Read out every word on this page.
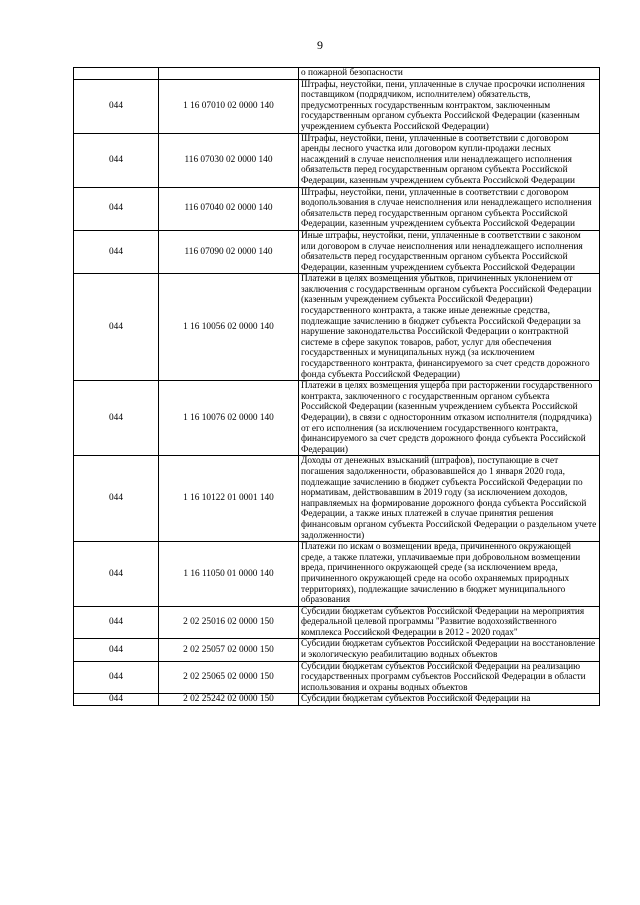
9
		о пожарной безопасности
044	1 16 07010 02 0000 140	Штрафы, неустойки, пени, уплаченные в случае просрочки исполнения поставщиком (подрядчиком, исполнителем) обязательств, предусмотренных государственным контрактом, заключенным государственным органом субъекта Российской Федерации (казенным учреждением субъекта Российской Федерации)
044	116 07030 02 0000 140	Штрафы, неустойки, пени, уплаченные в соответствии с договором аренды лесного участка или договором купли-продажи лесных насаждений в случае неисполнения или ненадлежащего исполнения обязательств перед государственным органом субъекта Российской Федерации, казенным учреждением субъекта Российской Федерации
044	116 07040 02 0000 140	Штрафы, неустойки, пени, уплаченные в соответствии с договором водопользования в случае неисполнения или ненадлежащего исполнения обязательств перед государственным органом субъекта Российской Федерации, казенным учреждением субъекта Российской Федерации
044	116 07090 02 0000 140	Иные штрафы, неустойки, пени, уплаченные в соответствии с законом или договором в случае неисполнения или ненадлежащего исполнения обязательств перед государственным органом субъекта Российской Федерации, казенным учреждением субъекта Российской Федерации
044	1 16 10056 02 0000 140	Платежи в целях возмещения убытков, причиненных уклонением от заключения с государственным органом субъекта Российской Федерации (казенным учреждением субъекта Российской Федерации) государственного контракта, а также иные денежные средства, подлежащие зачислению в бюджет субъекта Российской Федерации за нарушение законодательства Российской Федерации о контрактной системе в сфере закупок товаров, работ, услуг для обеспечения государственных и муниципальных нужд (за исключением государственного контракта, финансируемого за счет средств дорожного фонда субъекта Российской Федерации)
044	1 16 10076 02 0000 140	Платежи в целях возмещения ущерба при расторжении государственного контракта, заключенного с государственным органом субъекта Российской Федерации (казенным учреждением субъекта Российской Федерации), в связи с односторонним отказом исполнителя (подрядчика) от его исполнения (за исключением государственного контракта, финансируемого за счет средств дорожного фонда субъекта Российской Федерации)
044	1 16 10122 01 0001 140	Доходы от денежных взысканий (штрафов), поступающие в счет погашения задолженности, образовавшейся до 1 января 2020 года, подлежащие зачислению в бюджет субъекта Российской Федерации по нормативам, действовавшим в 2019 году (за исключением доходов, направляемых на формирование дорожного фонда субъекта Российской Федерации, а также иных платежей в случае принятия решения финансовым органом субъекта Российской Федерации о раздельном учете задолженности)
044	1 16 11050 01 0000 140	Платежи по искам о возмещении вреда, причиненного окружающей среде, а также платежи, уплачиваемые при добровольном возмещении вреда, причиненного окружающей среде (за исключением вреда, причиненного окружающей среде на особо охраняемых природных территориях), подлежащие зачислению в бюджет муниципального образования
044	2 02 25016 02 0000 150	Субсидии бюджетам субъектов Российской Федерации на мероприятия федеральной целевой программы "Развитие водохозяйственного комплекса Российской Федерации в 2012 - 2020 годах"
044	2 02 25057 02 0000 150	Субсидии бюджетам субъектов Российской Федерации на восстановление и экологическую реабилитацию водных объектов
044	2 02 25065 02 0000 150	Субсидии бюджетам субъектов Российской Федерации на реализацию государственных программ субъектов Российской Федерации в области использования и охраны водных объектов
044	2 02 25242 02 0000 150	Субсидии бюджетам субъектов Российской Федерации на
